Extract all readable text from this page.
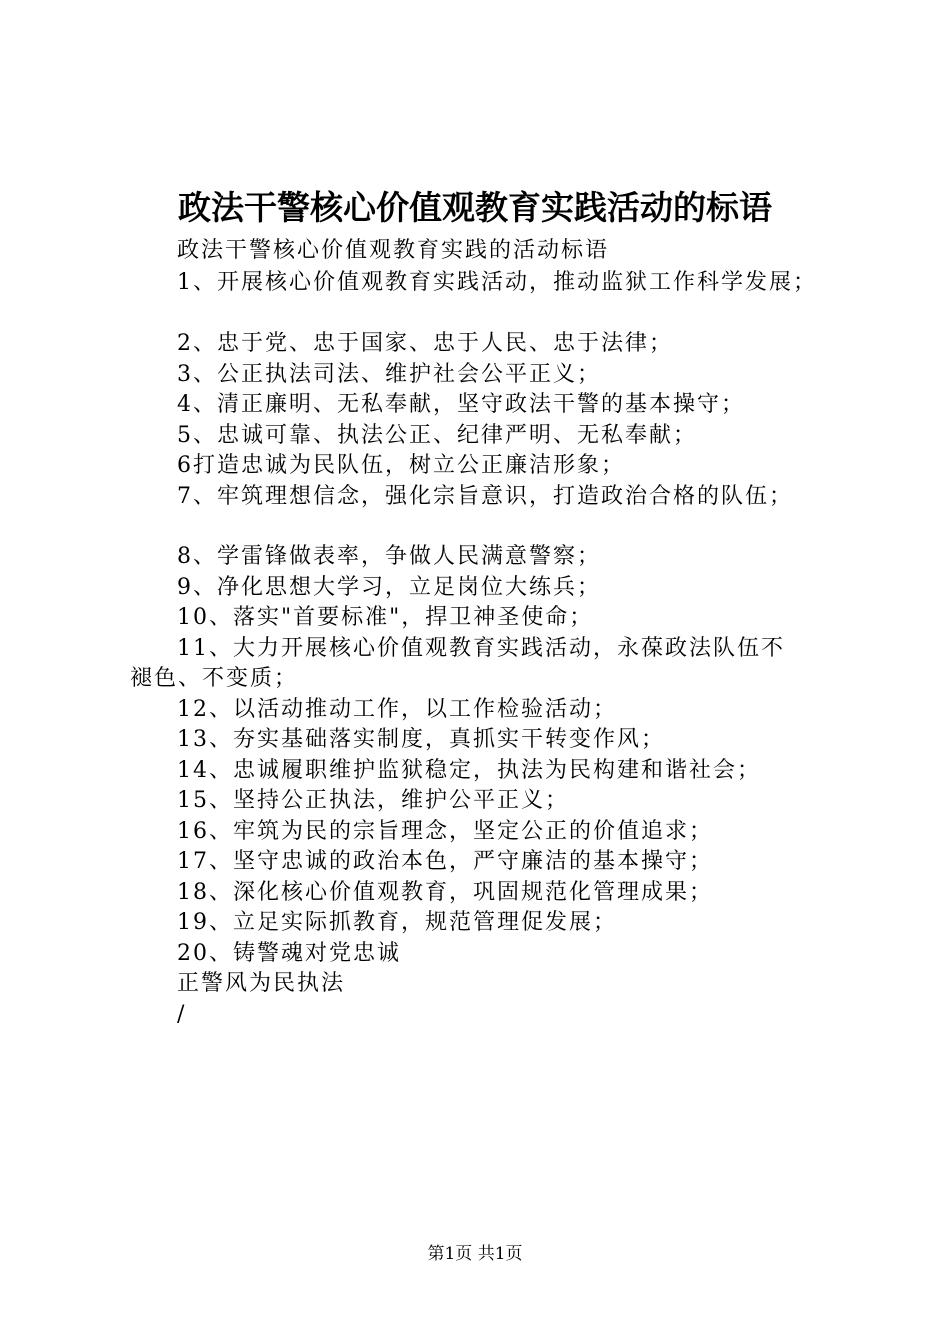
政法干警核心价值观教育实践活动的标语
政法干警核心价值观教育实践的活动标语
1、开展核心价值观教育实践活动，推动监狱工作科学发展；
2、忠于党、忠于国家、忠于人民、忠于法律；
3、公正执法司法、维护社会公平正义；
4、清正廉明、无私奉献，坚守政法干警的基本操守；
5、忠诚可靠、执法公正、纪律严明、无私奉献；
6打造忠诚为民队伍，树立公正廉洁形象；
7、牢筑理想信念，强化宗旨意识，打造政治合格的队伍；
8、学雷锋做表率，争做人民满意警察；
9、净化思想大学习，立足岗位大练兵；
10、落实"首要标准"，捍卫神圣使命；
11、大力开展核心价值观教育实践活动，永葆政法队伍不
褪色、不变质；
12、以活动推动工作，以工作检验活动；
13、夯实基础落实制度，真抓实干转变作风；
14、忠诚履职维护监狱稳定，执法为民构建和谐社会；
15、坚持公正执法，维护公平正义；
16、牢筑为民的宗旨理念，坚定公正的价值追求；
17、坚守忠诚的政治本色，严守廉洁的基本操守；
18、深化核心价值观教育，巩固规范化管理成果；
19、立足实际抓教育，规范管理促发展；
20、铸警魂对党忠诚
正警风为民执法
/
第1页 共1页
